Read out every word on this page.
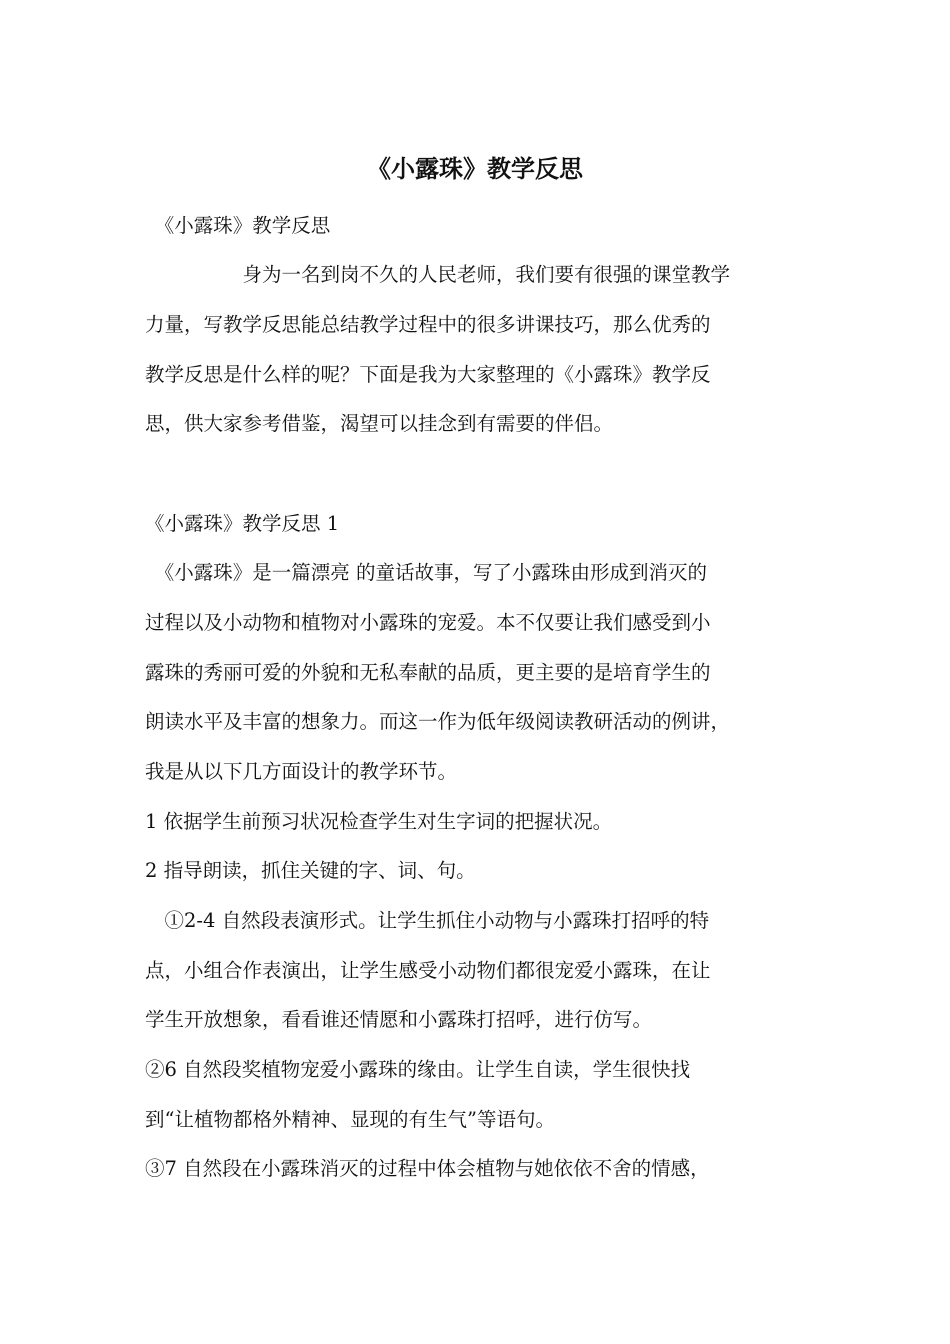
《小露珠》教学反思

　《小露珠》教学反思

　　　　　身为一名到岗不久的人民老师，我们要有很强的课堂教学

力量，写教学反思能总结教学过程中的很多讲课技巧，那么优秀的

教学反思是什么样的呢？下面是我为大家整理的《小露珠》教学反

思，供大家参考借鉴，渴望可以挂念到有需要的伴侣。

《小露珠》教学反思 1

　《小露珠》是一篇漂亮 的童话故事，写了小露珠由形成到消灭的

过程以及小动物和植物对小露珠的宠爱。本不仅要让我们感受到小

露珠的秀丽可爱的外貌和无私奉献的品质，更主要的是培育学生的

朗读水平及丰富的想象力。而这一作为低年级阅读教研活动的例讲，

我是从以下几方面设计的教学环节。

1 依据学生前预习状况检查学生对生字词的把握状况。

2 指导朗读，抓住关键的字、词、句。

　①2-4 自然段表演形式。让学生抓住小动物与小露珠打招呼的特

点，小组合作表演出，让学生感受小动物们都很宠爱小露珠，在让

学生开放想象，看看谁还情愿和小露珠打招呼，进行仿写。

②6 自然段奖植物宠爱小露珠的缘由。让学生自读，学生很快找

到“让植物都格外精神、显现的有生气”等语句。

③7 自然段在小露珠消灭的过程中体会植物与她依依不舍的情感，
